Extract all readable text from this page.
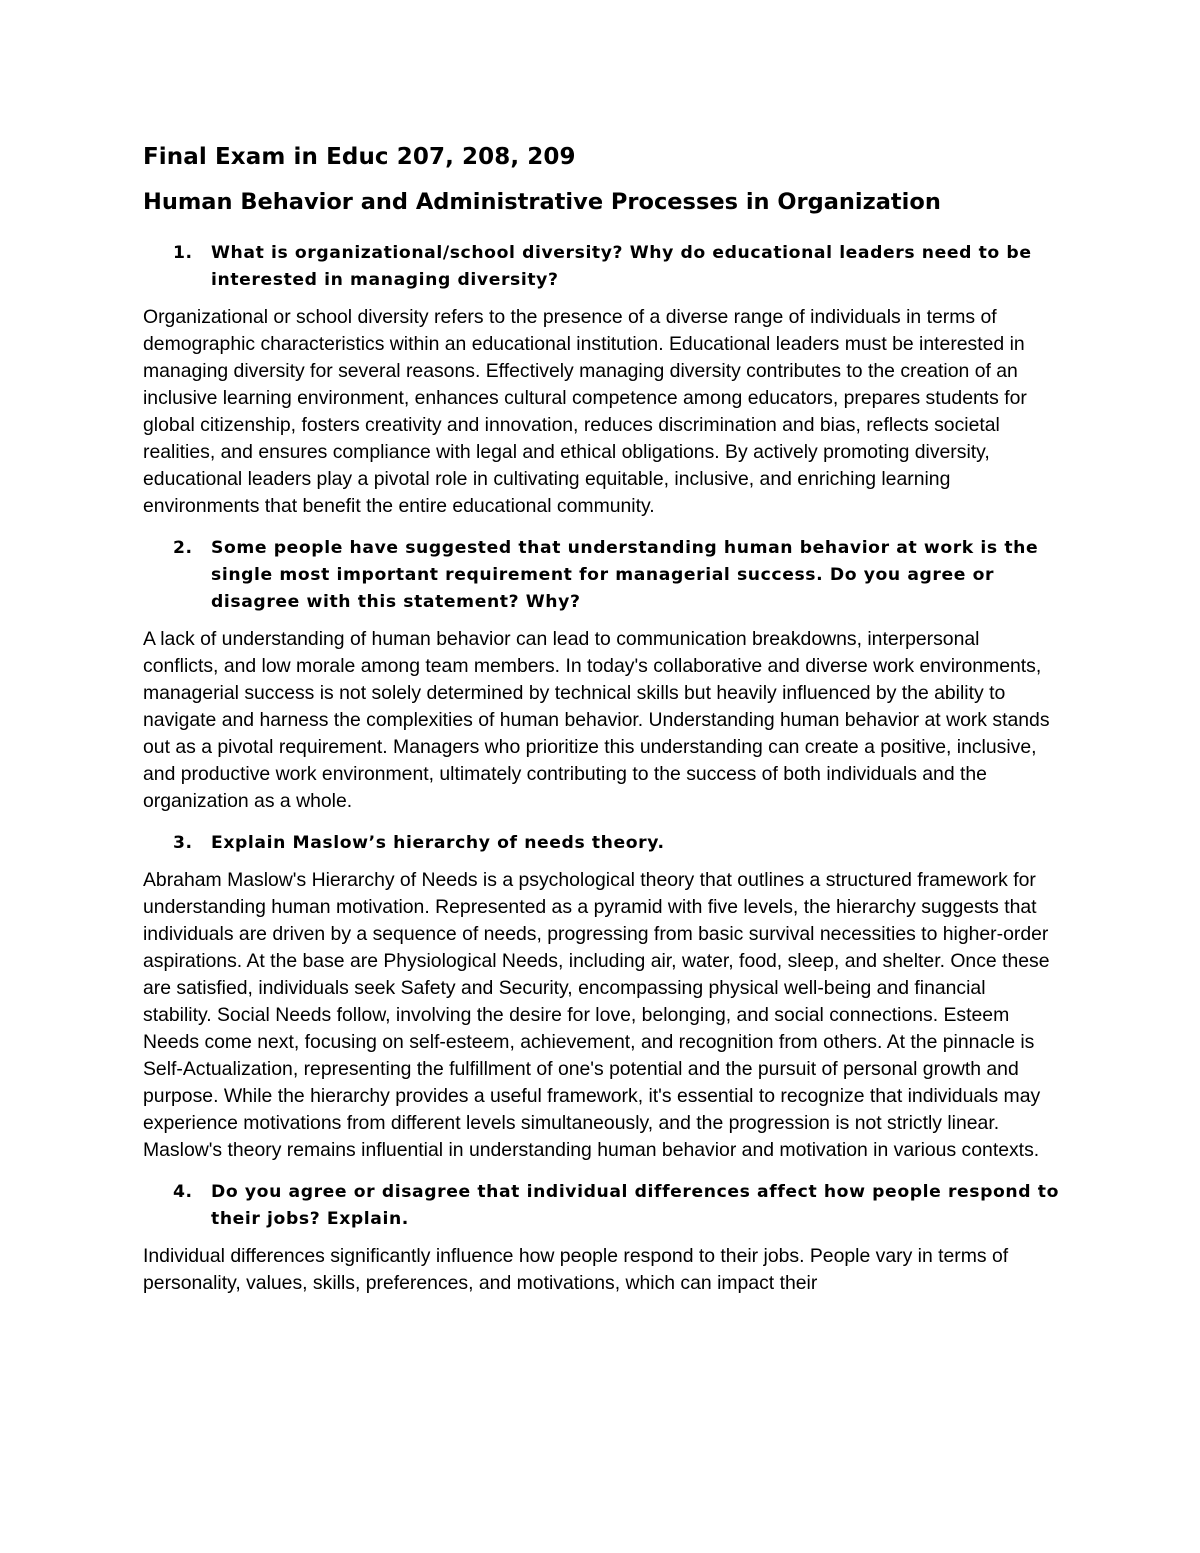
Final Exam in Educ 207, 208, 209
Human Behavior and Administrative Processes in Organization
1.	What is organizational/school diversity? Why do educational leaders need to be interested in managing diversity?

Organizational or school diversity refers to the presence of a diverse range of individuals in terms of demographic characteristics within an educational institution. Educational leaders must be interested in managing diversity for several reasons. Effectively managing diversity contributes to the creation of an inclusive learning environment, enhances cultural competence among educators, prepares students for global citizenship, fosters creativity and innovation, reduces discrimination and bias, reflects societal realities, and ensures compliance with legal and ethical obligations. By actively promoting diversity, educational leaders play a pivotal role in cultivating equitable, inclusive, and enriching learning environments that benefit the entire educational community.

2.	Some people have suggested that understanding human behavior at work is the single most important requirement for managerial success. Do you agree or disagree with this statement? Why?

A lack of understanding of human behavior can lead to communication breakdowns, interpersonal conflicts, and low morale among team members. In today's collaborative and diverse work environments, managerial success is not solely determined by technical skills but heavily influenced by the ability to navigate and harness the complexities of human behavior. Understanding human behavior at work stands out as a pivotal requirement. Managers who prioritize this understanding can create a positive, inclusive, and productive work environment, ultimately contributing to the success of both individuals and the organization as a whole.

3.	Explain Maslow’s hierarchy of needs theory.

Abraham Maslow's Hierarchy of Needs is a psychological theory that outlines a structured framework for understanding human motivation. Represented as a pyramid with five levels, the hierarchy suggests that individuals are driven by a sequence of needs, progressing from basic survival necessities to higher-order aspirations. At the base are Physiological Needs, including air, water, food, sleep, and shelter. Once these are satisfied, individuals seek Safety and Security, encompassing physical well-being and financial stability. Social Needs follow, involving the desire for love, belonging, and social connections. Esteem Needs come next, focusing on self-esteem, achievement, and recognition from others. At the pinnacle is Self-Actualization, representing the fulfillment of one's potential and the pursuit of personal growth and purpose. While the hierarchy provides a useful framework, it's essential to recognize that individuals may experience motivations from different levels simultaneously, and the progression is not strictly linear. Maslow's theory remains influential in understanding human behavior and motivation in various contexts.

4.	Do you agree or disagree that individual differences affect how people respond to their jobs? Explain.

Individual differences significantly influence how people respond to their jobs. People vary in terms of personality, values, skills, preferences, and motivations, which can impact their
